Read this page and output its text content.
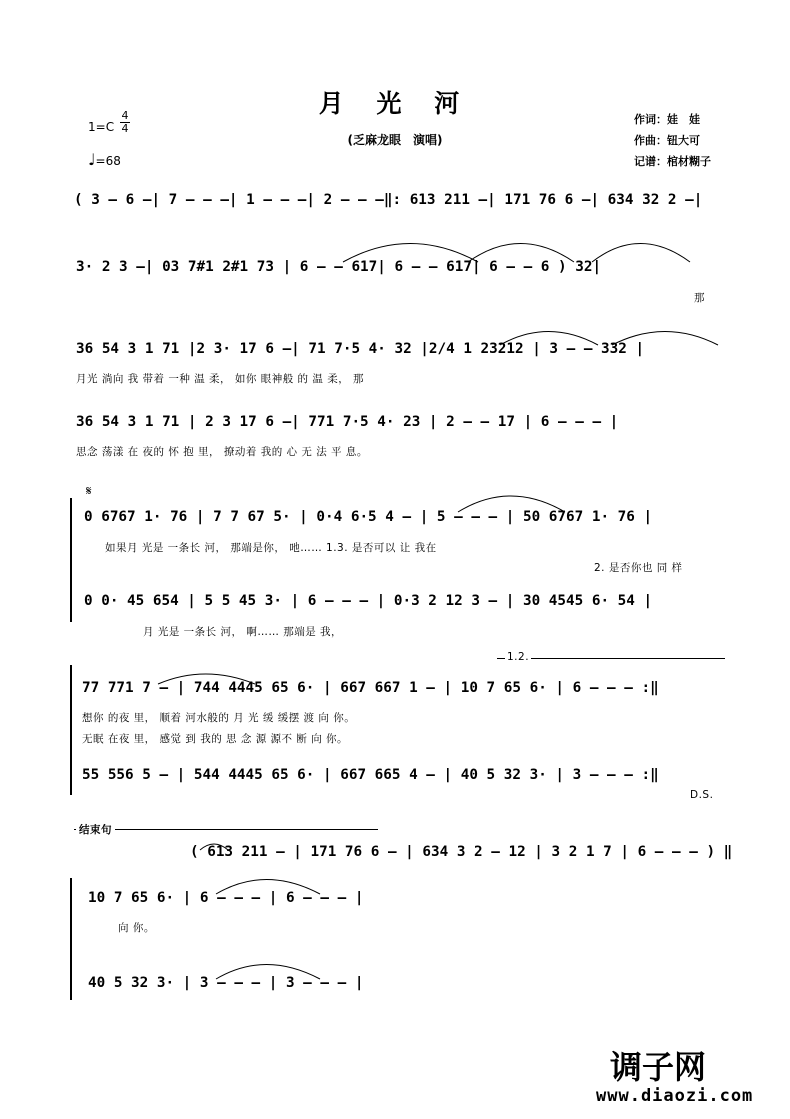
月 光 河
(乏麻龙眼　演唱)
作词：娃　娃
作曲：钮大可
记谱：棺材糊子
1=C
4
4
♩=68
( 3 – 6 –| 7 – – –| 1 – – –| 2 – – –‖: 613 211 –| 171 76 6 –| 634 32 2 –|
3· 2 3 –| 03 7#1 2#1 73 | 6 – – 617| 6 – – 617| 6 – – 6 ) 32|
那
36 54 3 1 71 |2 3· 17 6 –| 71 7·5 4· 32 |2/4 1 23212 | 3 – – 332 |
月光 淌向 我 带着 一种 温 柔， 如你 眼神般 的 温 柔， 那
36 54 3 1 71 | 2 3 17 6 –| 771 7·5 4· 23 | 2 – – 17 | 6 – – – |
思念 荡漾 在 夜的 怀 抱 里， 撩动着 我的 心 无 法 平 息。
𝄋
0 6767 1· 76 | 7 7 67 5· | 0·4 6·5 4 – | 5 – – – | 50 6767 1· 76 |
如果月 光是 一条长 河， 那端是你， 吔…… 1.3. 是否可以 让 我在
2. 是否你也 同 样
0 0· 45 654 | 5 5 45 3· | 6 – – – | 0·3 2 12 3 – | 30 4545 6· 54 |
月 光是 一条长 河， 啊…… 那端是 我，
1.2.
77 771 7 – | 744 4445 65 6· | 667 667 1 – | 10 7 65 6· | 6 – – – :‖
想你 的夜 里， 顺着 河水般的 月 光 缓 缓摆 渡 向 你。
无眠 在夜 里， 感觉 到 我的 思 念 源 源不 断 向 你。
55 556 5 – | 544 4445 65 6· | 667 665 4 – | 40 5 32 3· | 3 – – – :‖
D.S.
结束句
( 613 211 – | 171 76 6 – | 634 3 2 – 12 | 3 2 1 7 | 6 – – – ) ‖
10 7 65 6· | 6 – – – | 6 – – – |
向 你。
40 5 32 3· | 3 – – – | 3 – – – |
调子网
www.diaozi.com
